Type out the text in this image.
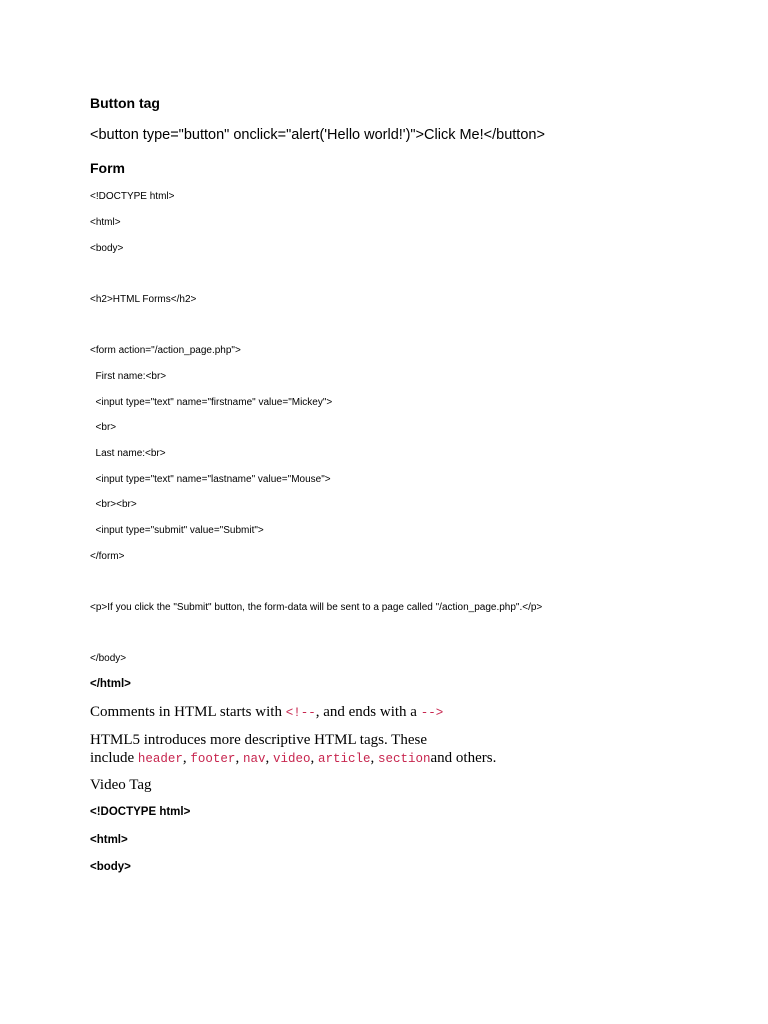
Button tag
<button type="button" onclick="alert('Hello world!')">Click Me!</button>
Form
<!DOCTYPE html>
<html>
<body>
<h2>HTML Forms</h2>
<form action="/action_page.php">
First name:<br>
<input type="text" name="firstname" value="Mickey">
<br>
Last name:<br>
<input type="text" name="lastname" value="Mouse">
<br><br>
<input type="submit" value="Submit">
</form>
<p>If you click the "Submit" button, the form-data will be sent to a page called "/action_page.php".</p>
</body>
</html>
Comments in HTML starts with <!--, and ends with a -->
HTML5 introduces more descriptive HTML tags. These
include header, footer, nav, video, article, sectionand others.
Video Tag
<!DOCTYPE html>
<html>
<body>
